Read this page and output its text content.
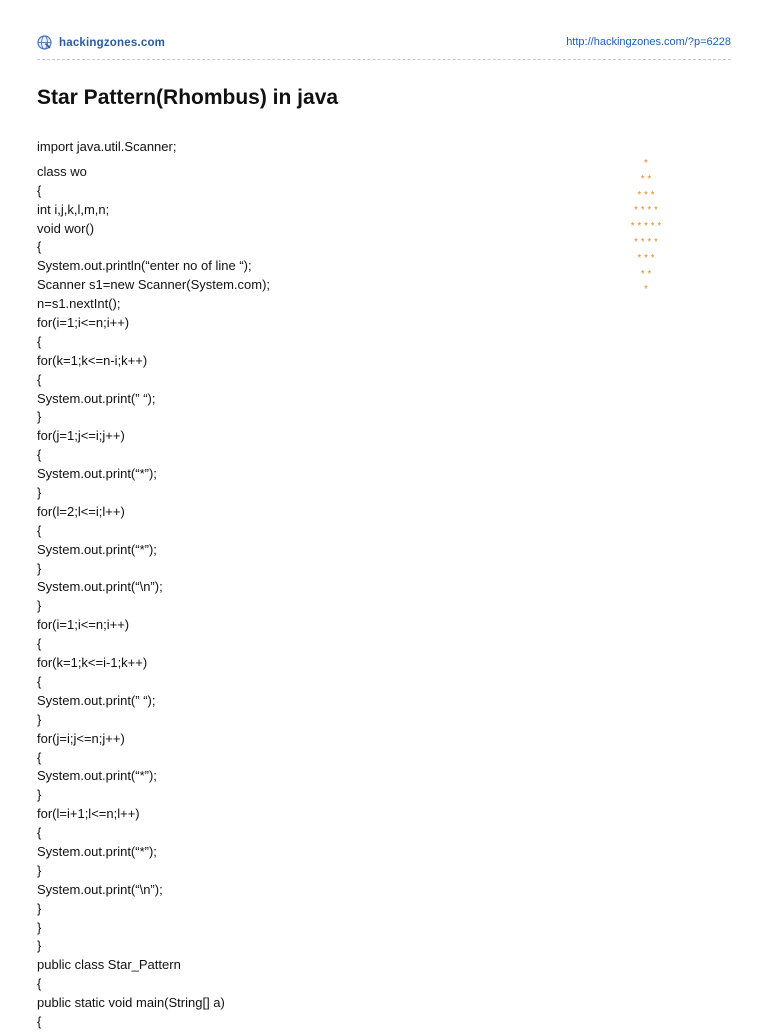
hackingzones.com	http://hackingzones.com/?p=6228
Star Pattern(Rhombus) in java
import java.util.Scanner;
class wo
{
int i,j,k,l,m,n;
void wor()
{
System.out.println(“enter no of line “);
Scanner s1=new Scanner(System.com);
n=s1.nextInt();
for(i=1;i<=n;i++)
{
for(k=1;k<=n-i;k++)
{
System.out.print(” “);
}
for(j=1;j<=i;j++)
{
System.out.print(“*”);
}
for(l=2;l<=i;l++)
{
System.out.print(“*”);
}
System.out.print(“\n”);
}
for(i=1;i<=n;i++)
{
for(k=1;k<=i-1;k++)
{
System.out.print(” “);
}
for(j=i;j<=n;j++)
{
System.out.print(“*”);
}
for(l=i+1;l<=n;l++)
{
System.out.print(“*”);
}
System.out.print(“\n”);
}
}
}
public class Star_Pattern
{
public static void main(String[] a)
{
*
* *
* * *
* * * *
* * * * *
* * * *
* * *
* *
*
